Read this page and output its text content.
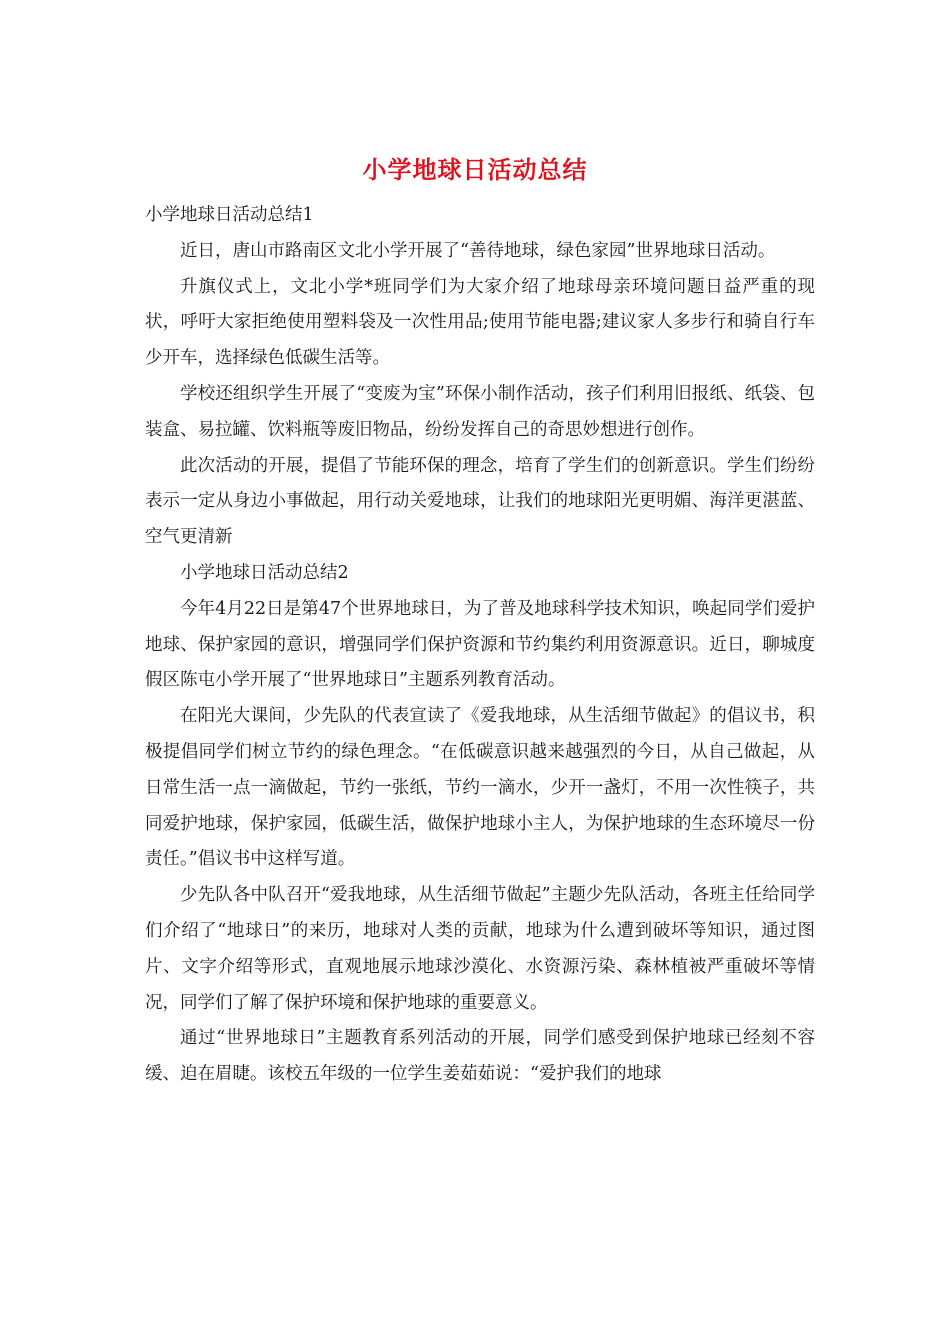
小学地球日活动总结

小学地球日活动总结1

近日，唐山市路南区文北小学开展了“善待地球，绿色家园”世界地球日活动。

升旗仪式上，文北小学*班同学们为大家介绍了地球母亲环境问题日益严重的现状，呼吁大家拒绝使用塑料袋及一次性用品;使用节能电器;建议家人多步行和骑自行车少开车，选择绿色低碳生活等。

学校还组织学生开展了“变废为宝”环保小制作活动，孩子们利用旧报纸、纸袋、包装盒、易拉罐、饮料瓶等废旧物品，纷纷发挥自己的奇思妙想进行创作。

此次活动的开展，提倡了节能环保的理念，培育了学生们的创新意识。学生们纷纷表示一定从身边小事做起，用行动关爱地球，让我们的地球阳光更明媚、海洋更湛蓝、空气更清新

小学地球日活动总结2

今年4月22日是第47个世界地球日，为了普及地球科学技术知识，唤起同学们爱护地球、保护家园的意识，增强同学们保护资源和节约集约利用资源意识。近日，聊城度假区陈屯小学开展了“世界地球日”主题系列教育活动。

在阳光大课间，少先队的代表宣读了《爱我地球，从生活细节做起》的倡议书，积极提倡同学们树立节约的绿色理念。“在低碳意识越来越强烈的今日，从自己做起，从日常生活一点一滴做起，节约一张纸，节约一滴水，少开一盏灯，不用一次性筷子，共同爱护地球，保护家园，低碳生活，做保护地球小主人，为保护地球的生态环境尽一份责任。”倡议书中这样写道。

少先队各中队召开“爱我地球，从生活细节做起”主题少先队活动，各班主任给同学们介绍了“地球日”的来历，地球对人类的贡献，地球为什么遭到破坏等知识，通过图片、文字介绍等形式，直观地展示地球沙漠化、水资源污染、森林植被严重破坏等情况，同学们了解了保护环境和保护地球的重要意义。

通过“世界地球日”主题教育系列活动的开展，同学们感受到保护地球已经刻不容缓、迫在眉睫。该校五年级的一位学生姜茹茹说：“爱护我们的地球
